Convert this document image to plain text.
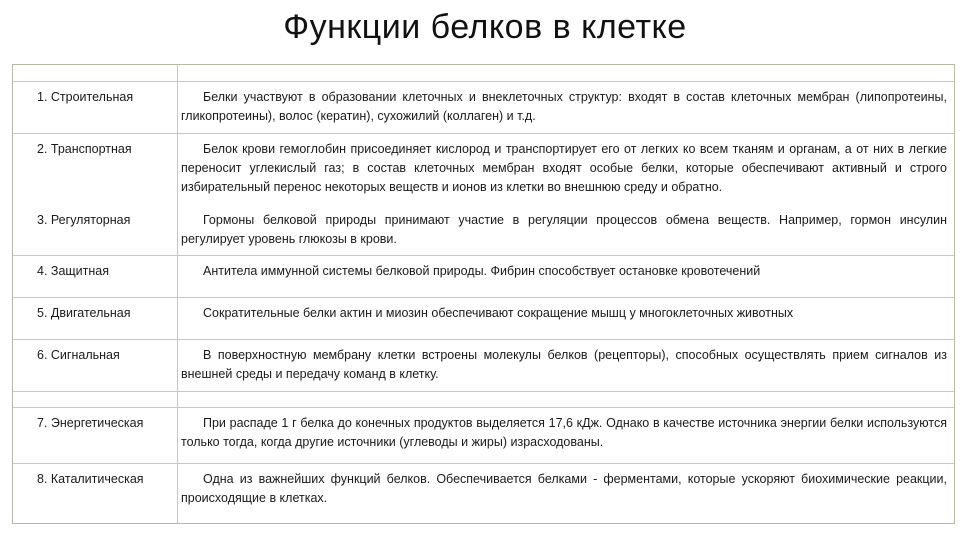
Функции белков в клетке
1. Строительная	Белки участвуют в образовании клеточных и внеклеточных структур: входят в состав клеточных мембран (липопротеины, гликопротеины), волос (кератин), сухожилий (коллаген) и т.д.
2. Транспортная	Белок крови гемоглобин присоединяет кислород и транспортирует его от легких ко всем тканям и органам, а от них в легкие переносит углекислый газ; в состав клеточных мембран входят особые белки, которые обеспечивают активный и строго избирательный перенос некоторых веществ и ионов из клетки во внешнюю среду и обратно.
3. Регуляторная	Гормоны белковой природы принимают участие в регуляции процессов обмена веществ. Например, гормон инсулин регулирует уровень глюкозы в крови.
4. Защитная	Антитела иммунной системы белковой природы. Фибрин способствует остановке кровотечений
5. Двигательная	Сократительные белки актин и миозин обеспечивают сокращение мышц у многоклеточных животных
6. Сигнальная	В поверхностную мембрану клетки встроены молекулы белков (рецепторы), способных осуществлять прием сигналов из внешней среды и передачу команд в клетку.
7. Энергетическая	При распаде 1 г белка до конечных продуктов выделяется 17,6 кДж. Однако в качестве источника энергии белки используются только тогда, когда другие источники (углеводы и жиры) израсходованы.
8. Каталитическая	Одна из важнейших функций белков. Обеспечивается белками - ферментами, которые ускоряют биохимические реакции, происходящие в клетках.
